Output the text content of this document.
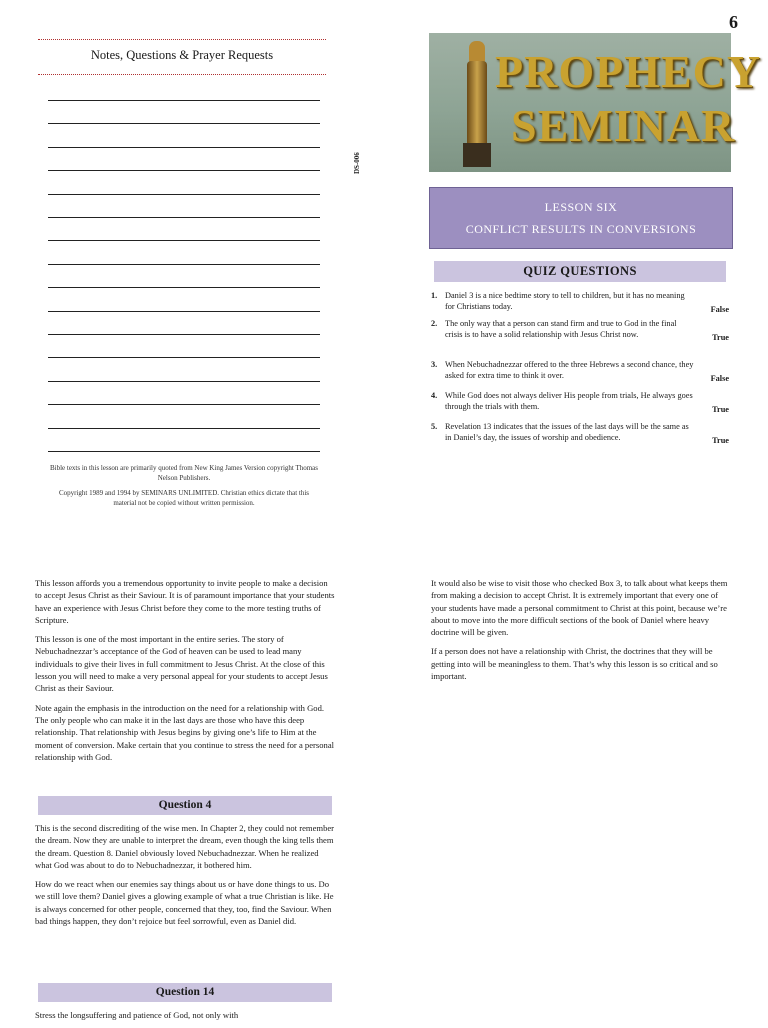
6
Notes, Questions & Prayer Requests
Bible texts in this lesson are primarily quoted from New King James Version copyright Thomas Nelson Publishers.
Copyright 1989 and 1994 by SEMINARS UNLIMITED. Christian ethics dictate that this material not be copied without written permission.
DS-006
PROPHECY
SEMINAR
LESSON SIX
CONFLICT RESULTS IN CONVERSIONS
QUIZ QUESTIONS
1. Daniel 3 is a nice bedtime story to tell to children, but it has no meaning for Christians today.	False
2. The only way that a person can stand firm and true to God in the final crisis is to have a solid relationship with Jesus Christ now.	True
3. When Nebuchadnezzar offered to the three Hebrews a second chance, they asked for extra time to think it over.	False
4. While God does not always deliver His people from trials, He always goes through the trials with them.	True
5. Revelation 13 indicates that the issues of the last days will be the same as in Daniel’s day, the issues of worship and obedience.	True

This lesson affords you a tremendous opportunity to invite people to make a decision to accept Jesus Christ as their Saviour. It is of paramount importance that your students have an experience with Jesus Christ before they come to the more testing truths of Scripture.

This lesson is one of the most important in the entire series. The story of Nebuchadnezzar’s acceptance of the God of heaven can be used to lead many individuals to give their lives in full commitment to Jesus Christ. At the close of this lesson you will need to make a very personal appeal for your students to accept Jesus Christ as their Saviour.

Note again the emphasis in the introduction on the need for a relationship with God. The only people who can make it in the last days are those who have this deep relationship. That relationship with Jesus begins by giving one’s life to Him at the moment of conversion. Make certain that you continue to stress the need for a personal relationship with God.

Question 4

This is the second discrediting of the wise men. In Chapter 2, they could not remember the dream. Now they are unable to interpret the dream, even though the king tells them the dream. Question 8. Daniel obviously loved Nebuchadnezzar. When he realized what God was about to do to Nebuchadnezzar, it bothered him.

How do we react when our enemies say things about us or have done things to us. Do we still love them? Daniel gives a glowing example of what a true Christian is like. He is always concerned for other people, concerned that they, too, find the Saviour. When bad things happen, they don’t rejoice but feel sorrowful, even as Daniel did.

Question 14

Stress the longsuffering and patience of God, not only with

It would also be wise to visit those who checked Box 3, to talk about what keeps them from making a decision to accept Christ. It is extremely important that every one of your students have made a personal commitment to Christ at this point, because we’re about to move into the more difficult sections of the book of Daniel where heavy doctrine will be given.

If a person does not have a relationship with Christ, the doctrines that they will be getting into will be meaningless to them. That’s why this lesson is so critical and so important.
